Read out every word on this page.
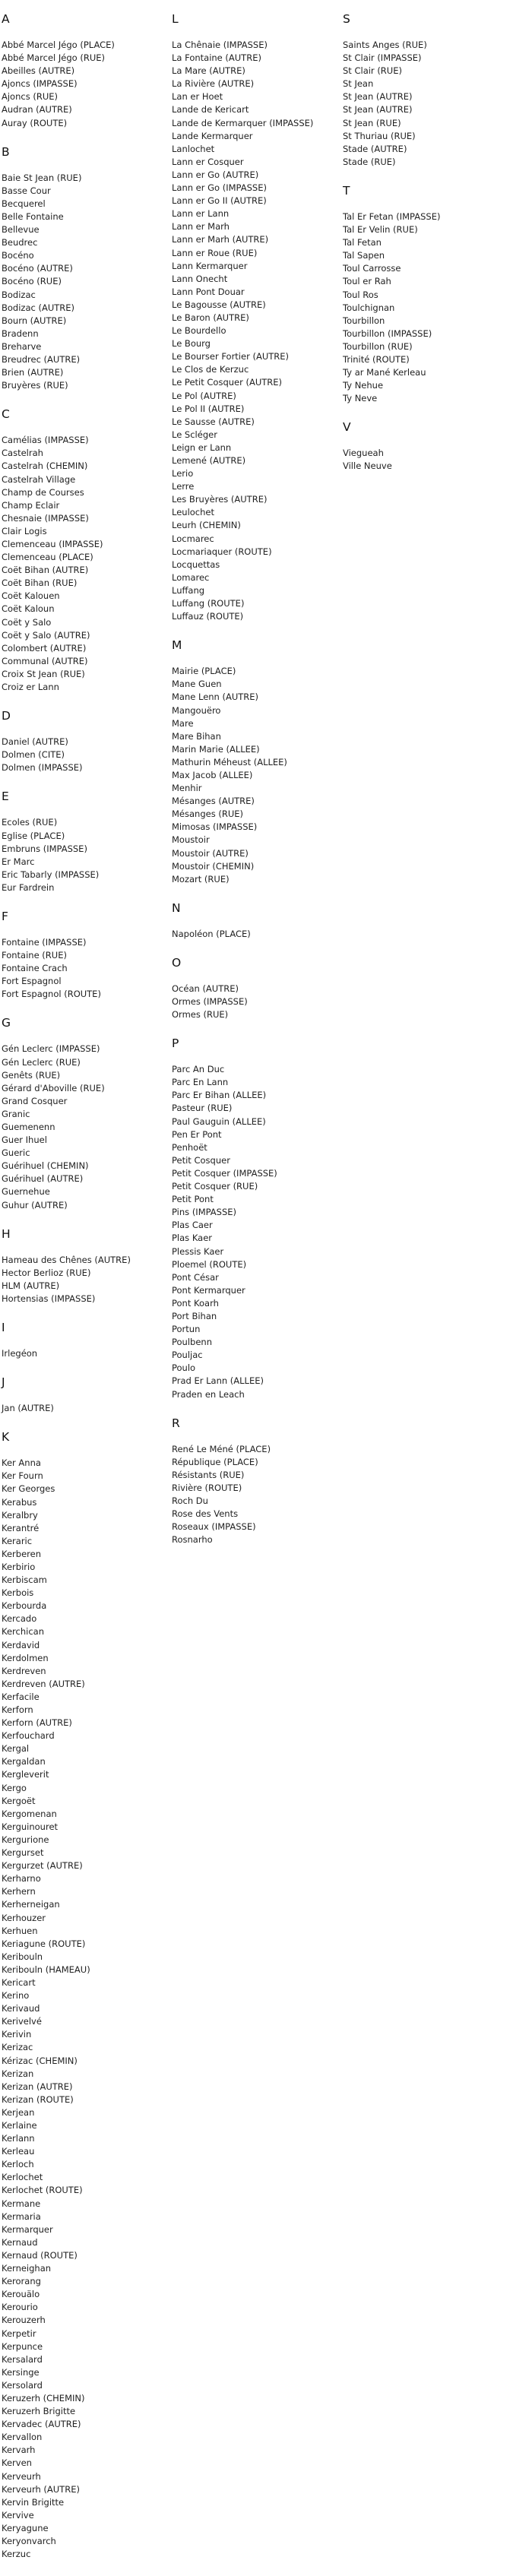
A
Abbé Marcel Jégo (PLACE)
Abbé Marcel Jégo (RUE)
Abeilles (AUTRE)
Ajoncs (IMPASSE)
Ajoncs (RUE)
Audran (AUTRE)
Auray (ROUTE)
B
Baie St Jean (RUE)
Basse Cour
Becquerel
Belle Fontaine
Bellevue
Beudrec
Bocéno
Bocéno (AUTRE)
Bocéno (RUE)
Bodizac
Bodizac (AUTRE)
Bourn (AUTRE)
Bradenn
Breharve
Breudrec (AUTRE)
Brien (AUTRE)
Bruyères (RUE)
C
Camélias (IMPASSE)
Castelrah
Castelrah (CHEMIN)
Castelrah Village
Champ de Courses
Champ Eclair
Chesnaie (IMPASSE)
Clair Logis
Clemenceau (IMPASSE)
Clemenceau (PLACE)
Coët Bihan (AUTRE)
Coët Bihan (RUE)
Coët Kalouen
Coët Kaloun
Coët y Salo
Coët y Salo (AUTRE)
Colombert (AUTRE)
Communal (AUTRE)
Croix St Jean (RUE)
Croiz er Lann
D
Daniel (AUTRE)
Dolmen (CITE)
Dolmen (IMPASSE)
E
Ecoles (RUE)
Eglise (PLACE)
Embruns (IMPASSE)
Er Marc
Eric Tabarly (IMPASSE)
Eur Fardrein
F
Fontaine (IMPASSE)
Fontaine (RUE)
Fontaine Crach
Fort Espagnol
Fort Espagnol (ROUTE)
G
Gén Leclerc (IMPASSE)
Gén Leclerc (RUE)
Genêts (RUE)
Gérard d'Aboville (RUE)
Grand Cosquer
Granic
Guemenenn
Guer Ihuel
Gueric
Guérihuel (CHEMIN)
Guérihuel (AUTRE)
Guernehue
Guhur (AUTRE)
H
Hameau des Chênes (AUTRE)
Hector Berlioz (RUE)
HLM (AUTRE)
Hortensias (IMPASSE)
I
Irlegéon
J
Jan (AUTRE)
K
Ker Anna
Ker Fourn
Ker Georges
Kerabus
Keralbry
Kerantré
Keraric
Kerberen
Kerbirio
Kerbiscam
Kerbois
Kerbourda
Kercado
Kerchican
Kerdavid
Kerdolmen
Kerdreven
Kerdreven (AUTRE)
Kerfacile
Kerforn
Kerforn (AUTRE)
Kerfouchard
Kergal
Kergaldan
Kergleverit
Kergo
Kergoët
Kergomenan
Kerguinouret
Kergurione
Kergurset
Kergurzet (AUTRE)
Kerharno
Kerhern
Kerherneigan
Kerhouzer
Kerhuen
Keriagune (ROUTE)
Keribouln
Keribouln (HAMEAU)
Kericart
Kerino
Kerivaud
Kerivelvé
Kerivin
Kerizac
Kérizac (CHEMIN)
Kerizan
Kerizan (AUTRE)
Kerizan (ROUTE)
Kerjean
Kerlaine
Kerlann
Kerleau
Kerloch
Kerlochet
Kerlochet (ROUTE)
Kermane
Kermaria
Kermarquer
Kernaud
Kernaud (ROUTE)
Kerneighan
Kerorang
Kerouälo
Kerourio
Kerouzerh
Kerpetir
Kerpunce
Kersalard
Kersinge
Kersolard
Keruzerh (CHEMIN)
Keruzerh Brigitte
Kervadec (AUTRE)
Kervallon
Kervarh
Kerven
Kerveurh
Kerveurh (AUTRE)
Kervin Brigitte
Kervive
Keryagune
Keryonvarch
Kerzuc
L
La Chênaie (IMPASSE)
La Fontaine (AUTRE)
La Mare (AUTRE)
La Rivière (AUTRE)
Lan er Hoet
Lande de Kericart
Lande de Kermarquer (IMPASSE)
Lande Kermarquer
Lanlochet
Lann er Cosquer
Lann er Go (AUTRE)
Lann er Go (IMPASSE)
Lann er Go II (AUTRE)
Lann er Lann
Lann er Marh
Lann er Marh (AUTRE)
Lann er Roue (RUE)
Lann Kermarquer
Lann Onecht
Lann Pont Douar
Le Bagousse (AUTRE)
Le Baron (AUTRE)
Le Bourdello
Le Bourg
Le Bourser Fortier (AUTRE)
Le Clos de Kerzuc
Le Petit Cosquer (AUTRE)
Le Pol (AUTRE)
Le Pol II (AUTRE)
Le Sausse (AUTRE)
Le Scléger
Leign er Lann
Lemené (AUTRE)
Lerio
Lerre
Les Bruyères (AUTRE)
Leulochet
Leurh (CHEMIN)
Locmarec
Locmariaquer (ROUTE)
Locquettas
Lomarec
Luffang
Luffang (ROUTE)
Luffauz (ROUTE)
M
Mairie (PLACE)
Mane Guen
Mane Lenn (AUTRE)
Mangouëro
Mare
Mare Bihan
Marin Marie (ALLEE)
Mathurin Méheust (ALLEE)
Max Jacob (ALLEE)
Menhir
Mésanges (AUTRE)
Mésanges (RUE)
Mimosas (IMPASSE)
Moustoir
Moustoir (AUTRE)
Moustoir (CHEMIN)
Mozart (RUE)
N
Napoléon (PLACE)
O
Océan (AUTRE)
Ormes (IMPASSE)
Ormes (RUE)
P
Parc An Duc
Parc En Lann
Parc Er Bihan (ALLEE)
Pasteur (RUE)
Paul Gauguin (ALLEE)
Pen Er Pont
Penhoët
Petit Cosquer
Petit Cosquer (IMPASSE)
Petit Cosquer (RUE)
Petit Pont
Pins (IMPASSE)
Plas Caer
Plas Kaer
Plessis Kaer
Ploemel (ROUTE)
Pont César
Pont Kermarquer
Pont Koarh
Port Bihan
Portun
Poulbenn
Pouljac
Poulo
Prad Er Lann (ALLEE)
Praden en Leach
R
René Le Méné (PLACE)
République (PLACE)
Résistants (RUE)
Rivière (ROUTE)
Roch Du
Rose des Vents
Roseaux (IMPASSE)
Rosnarho
S
Saints Anges (RUE)
St Clair (IMPASSE)
St Clair (RUE)
St Jean
St Jean (AUTRE)
St Jean (AUTRE)
St Jean (RUE)
St Thuriau (RUE)
Stade (AUTRE)
Stade (RUE)
T
Tal Er Fetan (IMPASSE)
Tal Er Velin (RUE)
Tal Fetan
Tal Sapen
Toul Carrosse
Toul er Rah
Toul Ros
Toulchignan
Tourbillon
Tourbillon (IMPASSE)
Tourbillon (RUE)
Trinité (ROUTE)
Ty ar Mané Kerleau
Ty Nehue
Ty Neve
V
Viegueah
Ville Neuve
